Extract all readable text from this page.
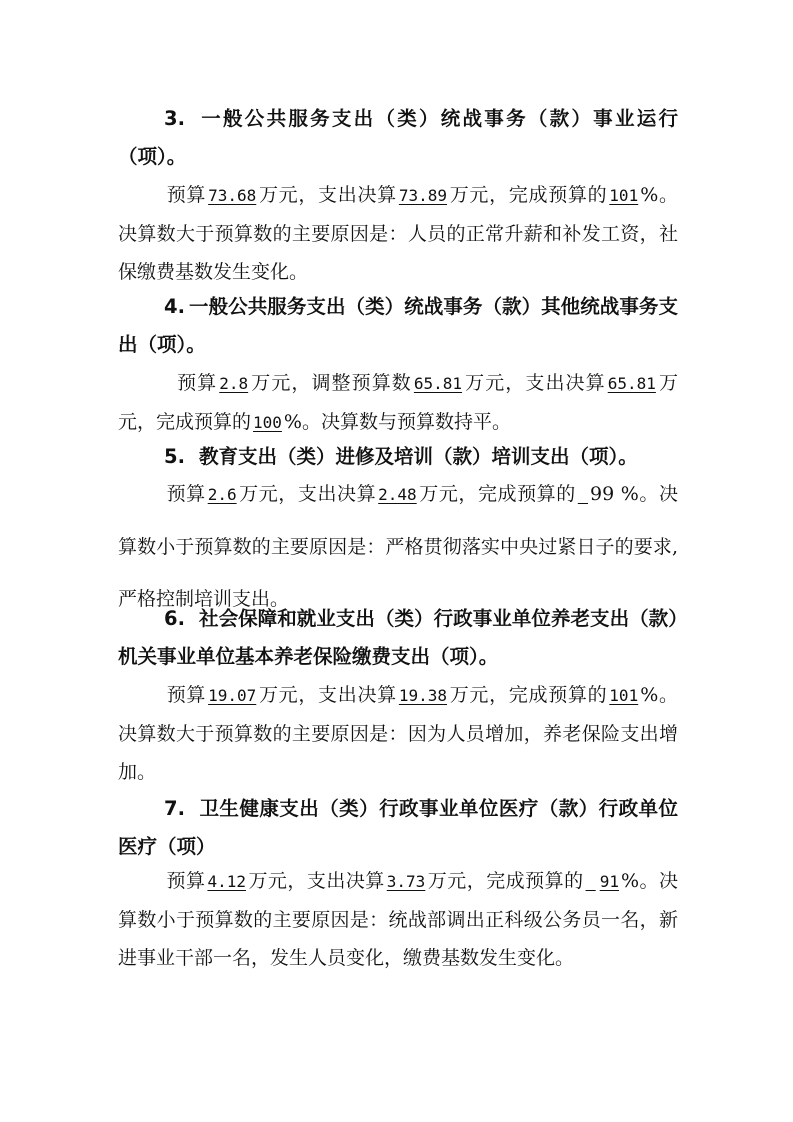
3. 一般公共服务支出（类）统战事务（款）事业运行（项）。

预算 73.68 万元，支出决算 73.89 万元，完成预算的 101 %。决算数大于预算数的主要原因是：人员的正常升薪和补发工资，社保缴费基数发生变化。

4. 一般公共服务支出（类）统战事务（款）其他统战事务支出（项）。

预算 2.8 万元，调整预算数 65.81 万元，支出决算 65.81 万元，完成预算的 100 %。决算数与预算数持平。

5. 教育支出（类）进修及培训（款）培训支出（项）。

预算 2.6 万元，支出决算 2.48 万元，完成预算的 ​ 99 %。决算数小于预算数的主要原因是：严格贯彻落实中央过紧日子的要求,严格控制培训支出。

6. 社会保障和就业支出（类）行政事业单位养老支出（款）机关事业单位基本养老保险缴费支出（项）。

预算 19.07 万元，支出决算 19.38 万元，完成预算的 101 %。决算数大于预算数的主要原因是：因为人员增加，养老保险支出增加。

7. 卫生健康支出（类）行政事业单位医疗（款）行政单位医疗（项）

预算 4.12 万元，支出决算 3.73 万元，完成预算的 ​ 91 %。决算数小于预算数的主要原因是：统战部调出正科级公务员一名，新进事业干部一名，发生人员变化，缴费基数发生变化。
